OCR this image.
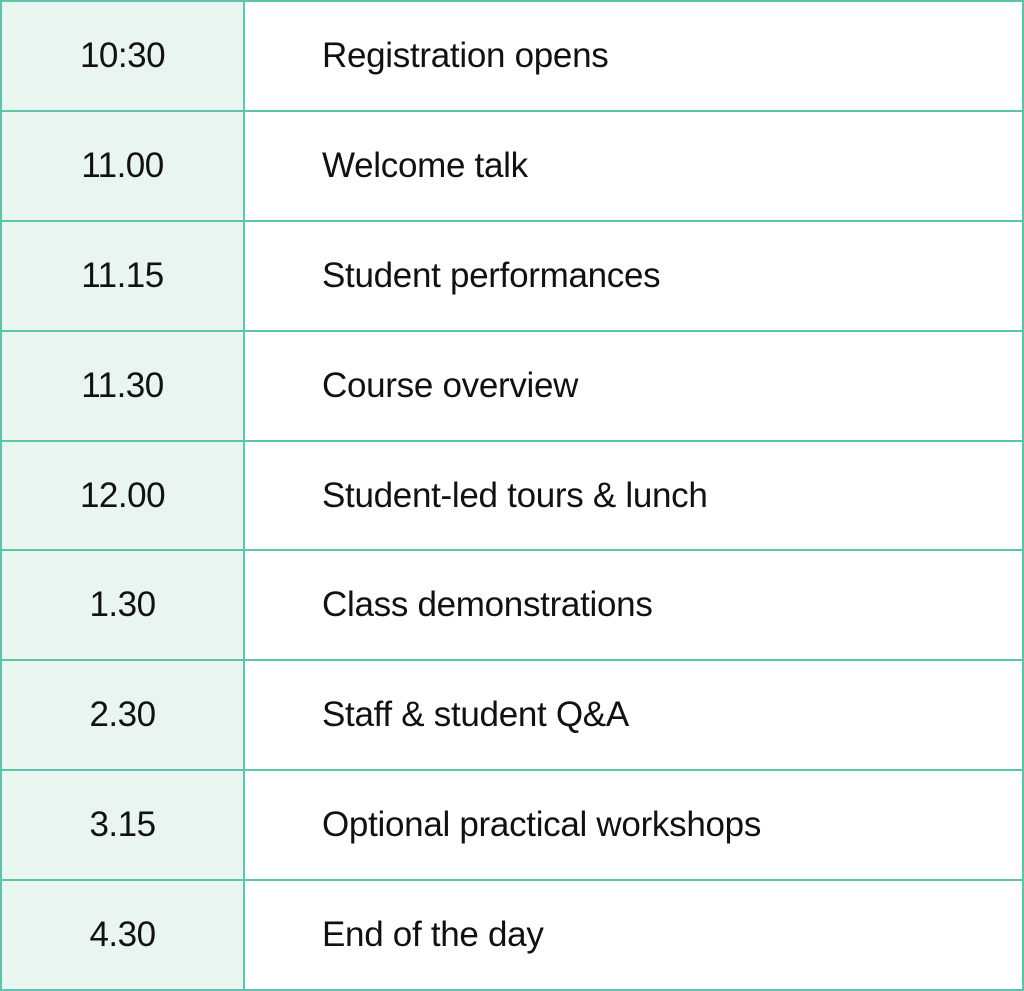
10:30	Registration opens
11.00	Welcome talk
11.15	Student performances
11.30	Course overview
12.00	Student-led tours & lunch
1.30	Class demonstrations
2.30	Staff & student Q&A
3.15	Optional practical workshops
4.30	End of the day
